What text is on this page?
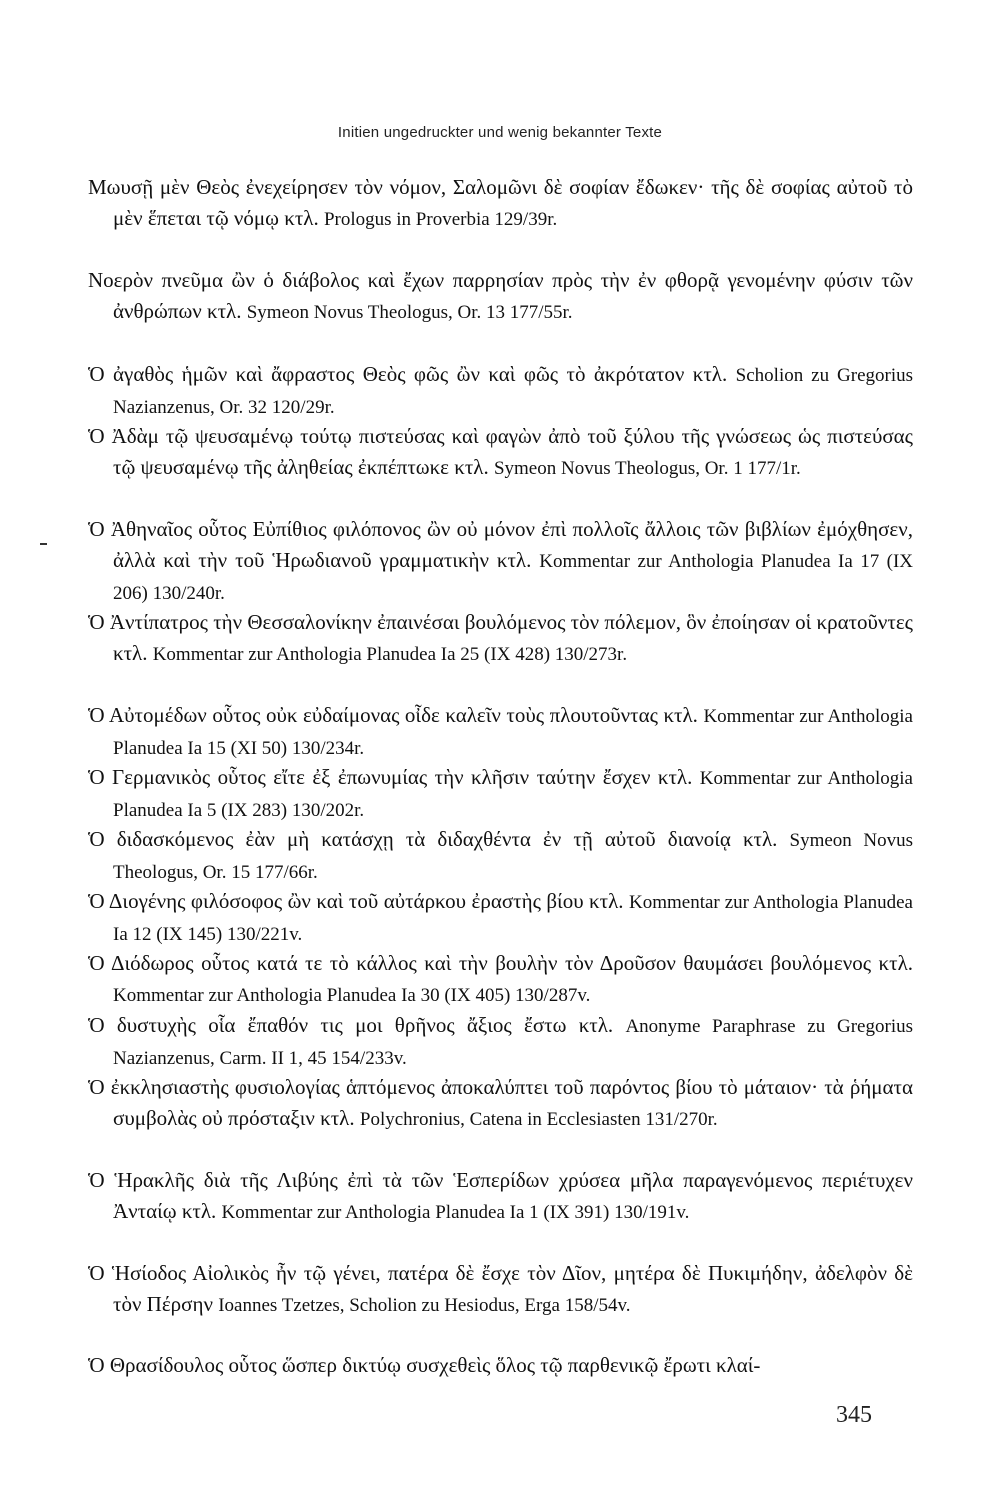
Initien ungedruckter und wenig bekannter Texte
Μωυσῇ μὲν Θεὸς ἐνεχείρησεν τὸν νόμον, Σαλομῶνι δὲ σοφίαν ἔδωκεν· τῆς δὲ σοφίας αὐτοῦ τὸ μὲν ἕπεται τῷ νόμῳ κτλ. Prologus in Proverbia 129/39r.
Νοερὸν πνεῦμα ὢν ὁ διάβολος καὶ ἔχων παρρησίαν πρὸς τὴν ἐν φθορᾷ γενομένην φύσιν τῶν ἀνθρώπων κτλ. Symeon Novus Theologus, Or. 13 177/55r.
Ὁ ἀγαθὸς ἡμῶν καὶ ἄφραστος Θεὸς φῶς ὢν καὶ φῶς τὸ ἀκρότατον κτλ. Scholion zu Gregorius Nazianzenus, Or. 32 120/29r.
Ὁ Ἀδὰμ τῷ ψευσαμένῳ τούτῳ πιστεύσας καὶ φαγὼν ἀπὸ τοῦ ξύλου τῆς γνώσεως ὡς πιστεύσας τῷ ψευσαμένῳ τῆς ἀληθείας ἐκπέπτωκε κτλ. Symeon Novus Theologus, Or. 1 177/1r.
Ὁ Ἀθηναῖος οὗτος Εὐπίθιος φιλόπονος ὢν οὐ μόνον ἐπὶ πολλοῖς ἄλλοις τῶν βιβλίων ἐμόχθησεν, ἀλλὰ καὶ τὴν τοῦ Ἡρωδιανοῦ γραμματικὴν κτλ. Kommentar zur Anthologia Planudea Ia 17 (IX 206) 130/240r.
Ὁ Ἀντίπατρος τὴν Θεσσαλονίκην ἐπαινέσαι βουλόμενος τὸν πόλεμον, ὃν ἐποίησαν οἱ κρατοῦντες κτλ. Kommentar zur Anthologia Planudea Ia 25 (IX 428) 130/273r.
Ὁ Αὐτομέδων οὗτος οὐκ εὐδαίμονας οἶδε καλεῖν τοὺς πλουτοῦντας κτλ. Kommentar zur Anthologia Planudea Ia 15 (XI 50) 130/234r.
Ὁ Γερμανικὸς οὗτος εἴτε ἐξ ἐπωνυμίας τὴν κλῆσιν ταύτην ἔσχεν κτλ. Kommentar zur Anthologia Planudea Ia 5 (IX 283) 130/202r.
Ὁ διδασκόμενος ἐὰν μὴ κατάσχῃ τὰ διδαχθέντα ἐν τῇ αὐτοῦ διανοίᾳ κτλ. Symeon Novus Theologus, Or. 15 177/66r.
Ὁ Διογένης φιλόσοφος ὢν καὶ τοῦ αὐτάρκου ἐραστὴς βίου κτλ. Kommentar zur Anthologia Planudea Ia 12 (IX 145) 130/221v.
Ὁ Διόδωρος οὗτος κατά τε τὸ κάλλος καὶ τὴν βουλὴν τὸν Δροῦσον θαυμάσει βουλόμενος κτλ. Kommentar zur Anthologia Planudea Ia 30 (IX 405) 130/287v.
Ὁ δυστυχὴς οἷα ἔπαθόν τις μοι θρῆνος ἄξιος ἔστω κτλ. Anonyme Paraphrase zu Gregorius Nazianzenus, Carm. II 1, 45 154/233v.
Ὁ ἐκκλησιαστὴς φυσιολογίας ἁπτόμενος ἀποκαλύπτει τοῦ παρόντος βίου τὸ μάταιον· τὰ ῥήματα συμβολὰς οὐ πρόσταξιν κτλ. Polychronius, Catena in Ecclesiasten 131/270r.
Ὁ Ἡρακλῆς διὰ τῆς Λιβύης ἐπὶ τὰ τῶν Ἑσπερίδων χρύσεα μῆλα παραγενόμενος περιέτυχεν Ἀνταίῳ κτλ. Kommentar zur Anthologia Planudea Ia 1 (IX 391) 130/191v.
Ὁ Ἡσίοδος Αἰολικὸς ἦν τῷ γένει, πατέρα δὲ ἔσχε τὸν Δῖον, μητέρα δὲ Πυκιμήδην, ἀδελφὸν δὲ τὸν Πέρσην Ioannes Tzetzes, Scholion zu Hesiodus, Erga 158/54v.
Ὁ Θρασίδουλος οὗτος ὥσπερ δικτύῳ συσχεθεὶς ὅλος τῷ παρθενικῷ ἔρωτι κλαί-
345
